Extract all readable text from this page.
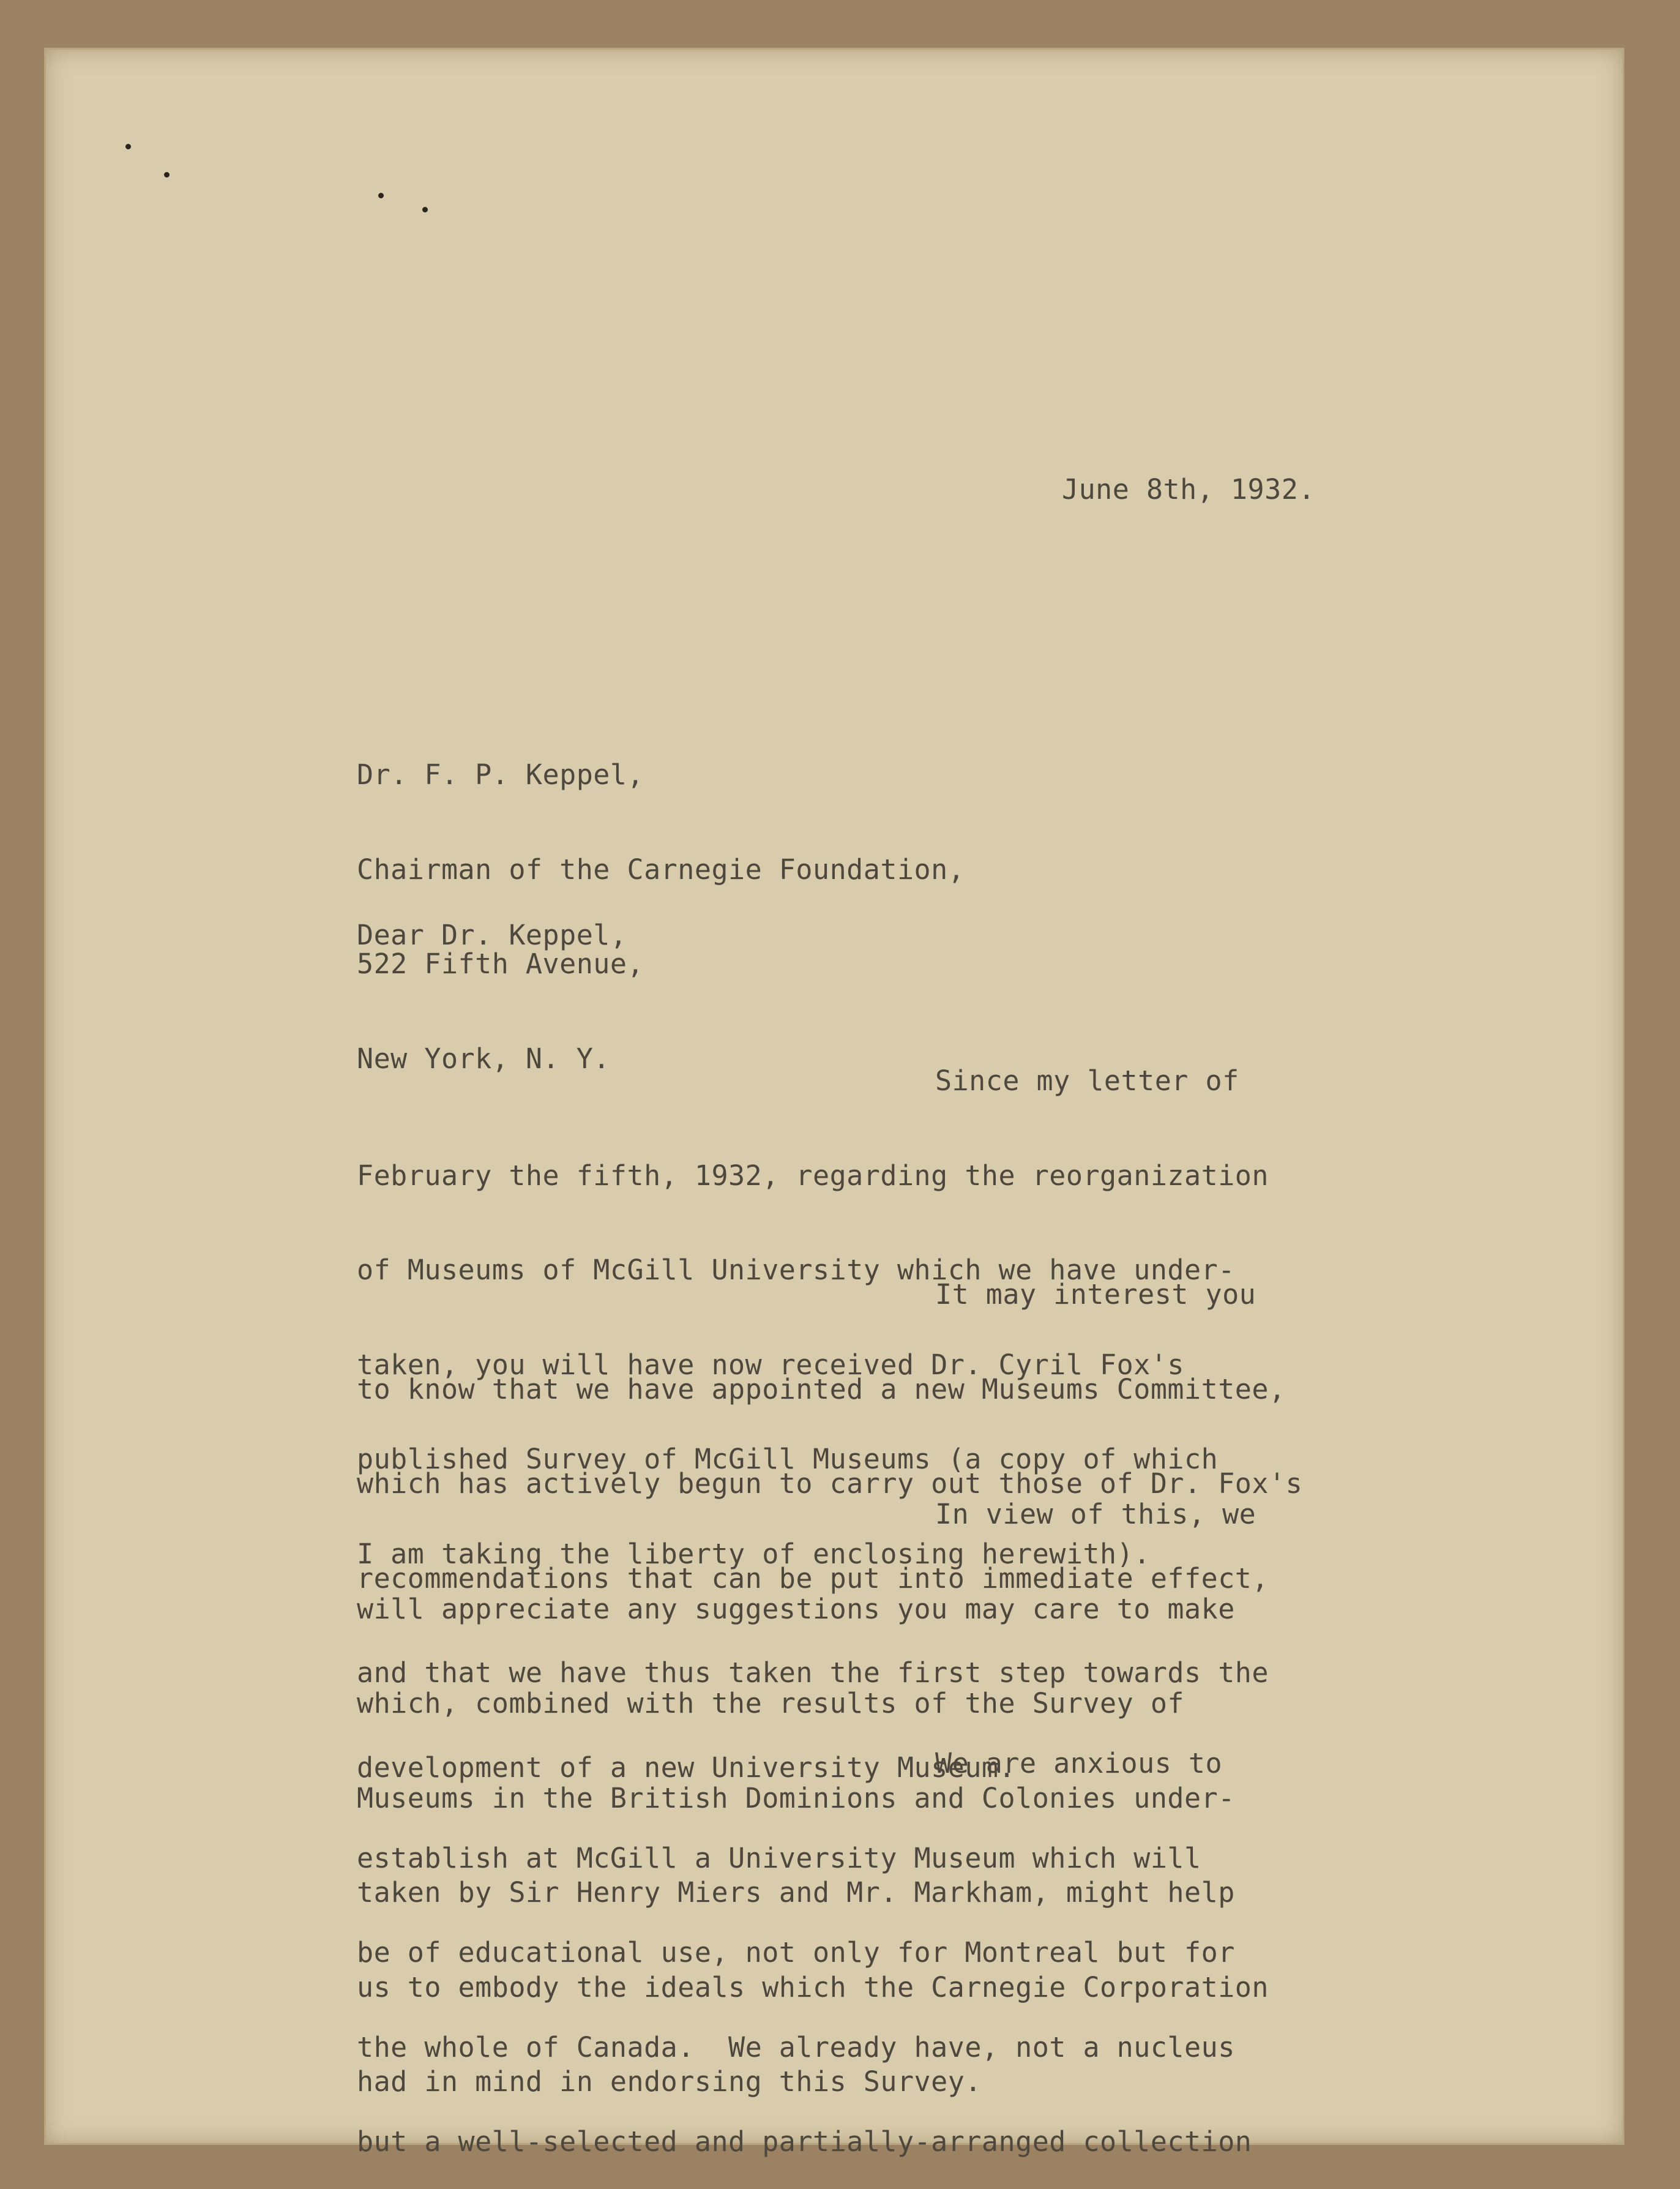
June 8th, 1932.

Dr. F. P. Keppel,

Chairman of the Carnegie Foundation,

522 Fifth Avenue,

New York, N. Y.

Dear Dr. Keppel,

Since my letter of

February the fifth, 1932, regarding the reorganization

of Museums of McGill University which we have under-

taken, you will have now received Dr. Cyril Fox's

published Survey of McGill Museums (a copy of which

I am taking the liberty of enclosing herewith).

It may interest you

to know that we have appointed a new Museums Committee,

which has actively begun to carry out those of Dr. Fox's

recommendations that can be put into immediate effect,

and that we have thus taken the first step towards the

development of a new University Museum.

In view of this, we

will appreciate any suggestions you may care to make

which, combined with the results of the Survey of

Museums in the British Dominions and Colonies under-

taken by Sir Henry Miers and Mr. Markham, might help

us to embody the ideals which the Carnegie Corporation

had in mind in endorsing this Survey.

We are anxious to

establish at McGill a University Museum which will

be of educational use, not only for Montreal but for

the whole of Canada.  We already have, not a nucleus

but a well-selected and partially-arranged collection
